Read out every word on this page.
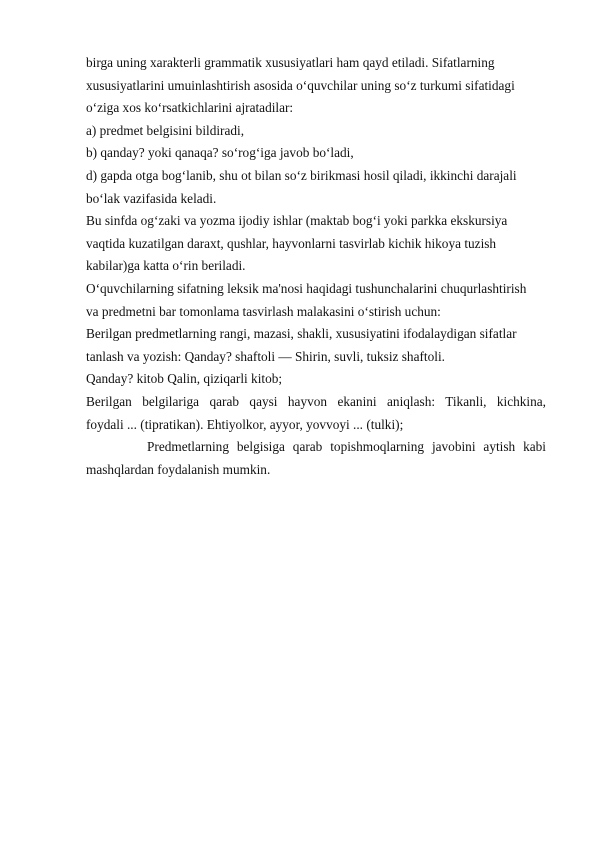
birga uning xarakterli grammatik xususiyatlari ham qayd etiladi. Sifatlarning
xususiyatlarini umuinlashtirish asosida o‘quvchilar uning so‘z turkumi sifatidagi
o‘ziga xos ko‘rsatkichlarini ajratadilar:
a) predmet belgisini bildiradi,
b) qanday? yoki qanaqa? so‘rog‘iga javob bo‘ladi,
d) gapda otga bog‘lanib, shu ot bilan so‘z birikmasi hosil qiladi, ikkinchi darajali
bo‘lak vazifasida keladi.
Bu sinfda og‘zaki va yozma ijodiy ishlar (maktab bog‘i yoki parkka ekskursiya
vaqtida kuzatilgan daraxt, qushlar, hayvonlarni tasvirlab kichik hikoya tuzish
kabilar)ga katta o‘rin beriladi.
O‘quvchilarning sifatning leksik ma'nosi haqidagi tushunchalarini chuqurlashtirish
va predmetni bar tomonlama tasvirlash malakasini o‘stirish uchun:
Berilgan predmetlarning rangi, mazasi, shakli, xususiyatini ifodalaydigan sifatlar
tanlash va yozish: Qanday? shaftoli — Shirin, suvli, tuksiz shaftoli.
Qanday? kitob Qalin, qiziqarli kitob;
Berilgan belgilariga qarab qaysi hayvon ekanini aniqlash: Tikanli, kichkina,
foydali ... (tipratikan). Ehtiyolkor, ayyor, yovvoyi ... (tulki);
Predmetlarning belgisiga qarab topishmoqlarning javobini aytish kabi
mashqlardan foydalanish mumkin.
